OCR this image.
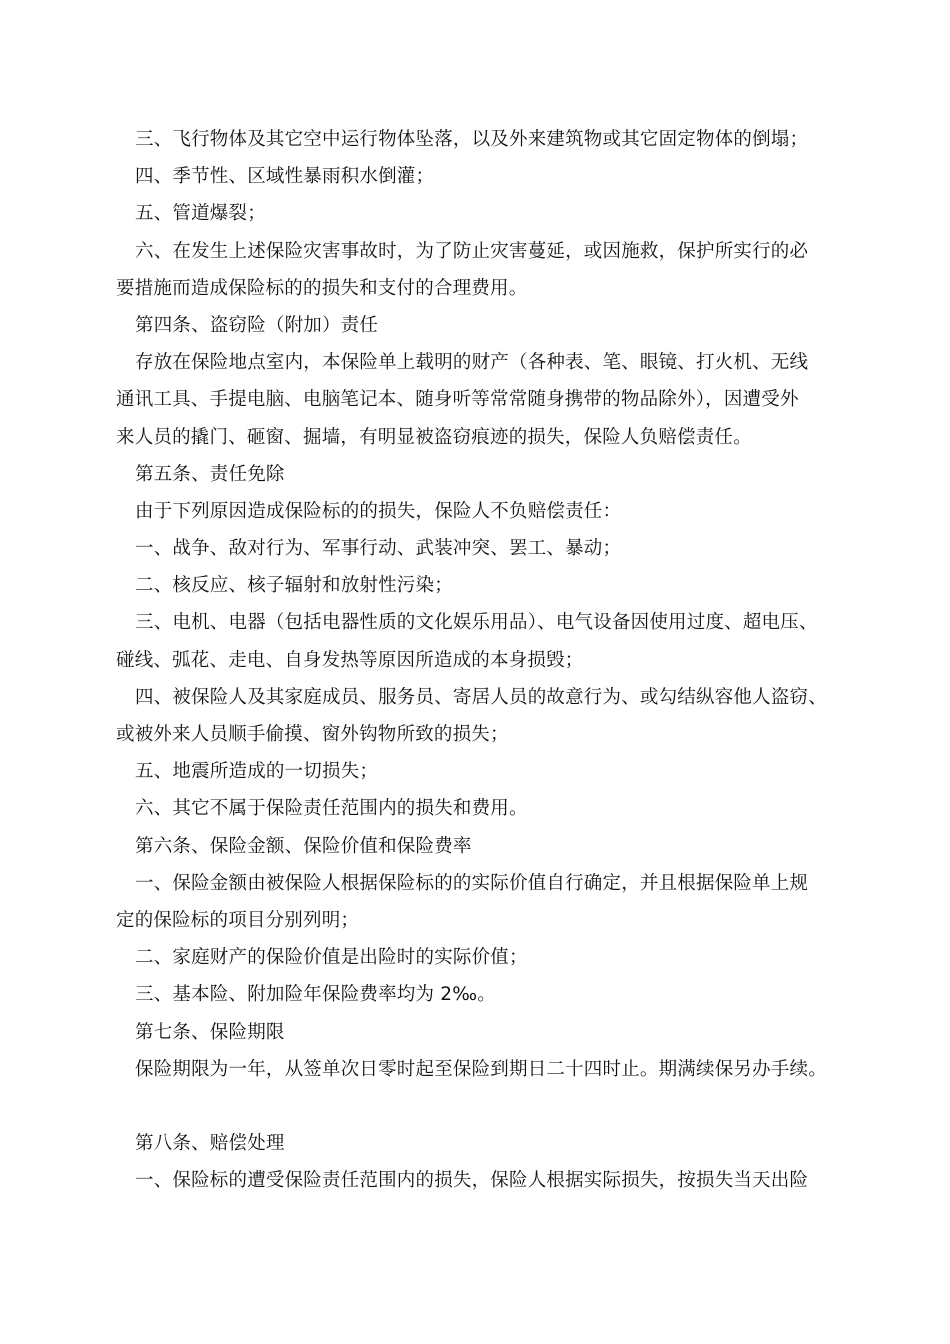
三、飞行物体及其它空中运行物体坠落，以及外来建筑物或其它固定物体的倒塌；
四、季节性、区域性暴雨积水倒灌；
五、管道爆裂；
六、在发生上述保险灾害事故时，为了防止灾害蔓延，或因施救，保护所实行的必
要措施而造成保险标的的损失和支付的合理费用。
第四条、盗窃险（附加）责任
存放在保险地点室内，本保险单上载明的财产（各种表、笔、眼镜、打火机、无线
通讯工具、手提电脑、电脑笔记本、随身听等常常随身携带的物品除外），因遭受外
来人员的撬门、砸窗、掘墙，有明显被盗窃痕迹的损失，保险人负赔偿责任。
第五条、责任免除
由于下列原因造成保险标的的损失，保险人不负赔偿责任：
一、战争、敌对行为、军事行动、武装冲突、罢工、暴动；
二、核反应、核子辐射和放射性污染；
三、电机、电器（包括电器性质的文化娱乐用品）、电气设备因使用过度、超电压、
碰线、弧花、走电、自身发热等原因所造成的本身损毁；
四、被保险人及其家庭成员、服务员、寄居人员的故意行为、或勾结纵容他人盗窃、
或被外来人员顺手偷摸、窗外钩物所致的损失；
五、地震所造成的一切损失；
六、其它不属于保险责任范围内的损失和费用。
第六条、保险金额、保险价值和保险费率
一、保险金额由被保险人根据保险标的的实际价值自行确定，并且根据保险单上规
定的保险标的项目分别列明；
二、家庭财产的保险价值是出险时的实际价值；
三、基本险、附加险年保险费率均为 2‰。
第七条、保险期限
保险期限为一年，从签单次日零时起至保险到期日二十四时止。期满续保另办手续。
第八条、赔偿处理
一、保险标的遭受保险责任范围内的损失，保险人根据实际损失，按损失当天出险
